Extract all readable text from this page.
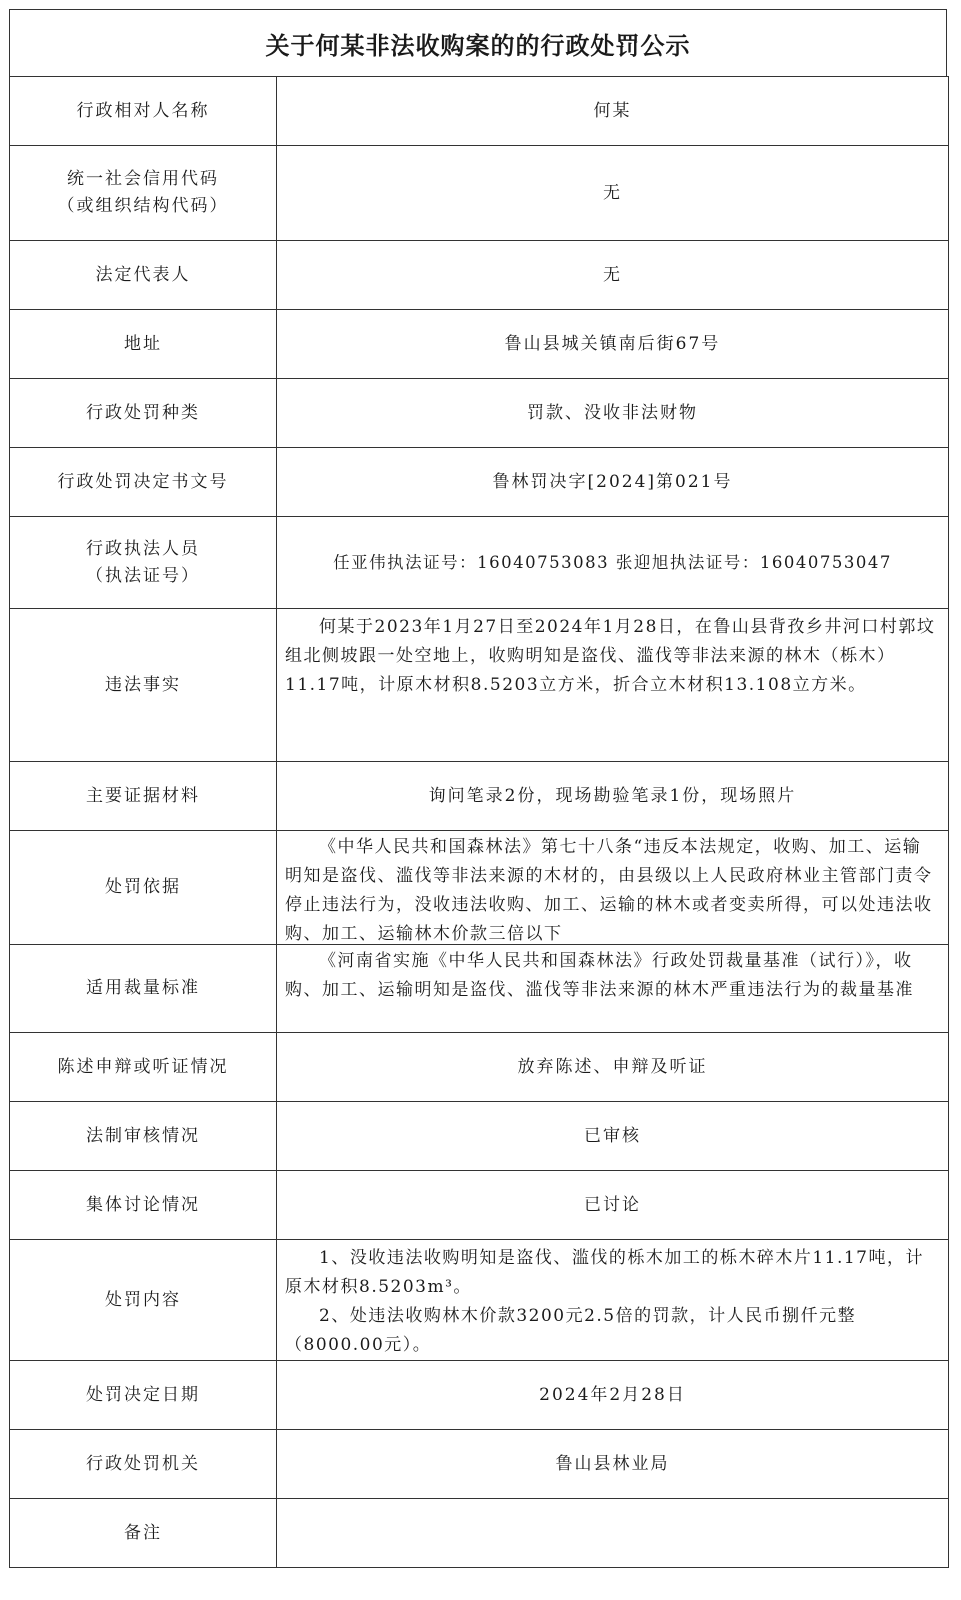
关于何某非法收购案的的行政处罚公示
行政相对人名称	何某

统一社会信用代码
（或组织结构代码）	无
法定代表人	无
地址	鲁山县城关镇南后街67号
行政处罚种类	罚款、没收非法财物
行政处罚决定书文号	鲁林罚决字[2024]第021号

行政执法人员
（执法证号）	任亚伟执法证号：16040753083 张迎旭执法证号：16040753047
违法事实	何某于2023年1月27日至2024年1月28日，在鲁山县背孜乡井河口村郭坟组北侧坡跟一处空地上，收购明知是盗伐、滥伐等非法来源的林木（栎木）11.17吨，计原木材积8.5203立方米，折合立木材积13.108立方米。

主要证据材料	询问笔录2份，现场勘验笔录1份，现场照片
处罚依据	《中华人民共和国森林法》第七十八条“违反本法规定，收购、加工、运输明知是盗伐、滥伐等非法来源的木材的，由县级以上人民政府林业主管部门责令停止违法行为，没收违法收购、加工、运输的林木或者变卖所得，可以处违法收购、加工、运输林木价款三倍以下

适用裁量标准	《河南省实施《中华人民共和国森林法》行政处罚裁量基准（试行）》，收购、加工、运输明知是盗伐、滥伐等非法来源的林木严重违法行为的裁量基准

陈述申辩或听证情况	放弃陈述、申辩及听证
法制审核情况	已审核
集体讨论情况	已讨论
处罚内容	1、没收违法收购明知是盗伐、滥伐的栎木加工的栎木碎木片11.17吨，计原木材积8.5203m³。

2、处违法收购林木价款3200元2.5倍的罚款，计人民币捌仟元整（8000.00元）。

处罚决定日期	2024年2月28日
行政处罚机关	鲁山县林业局
备注	
